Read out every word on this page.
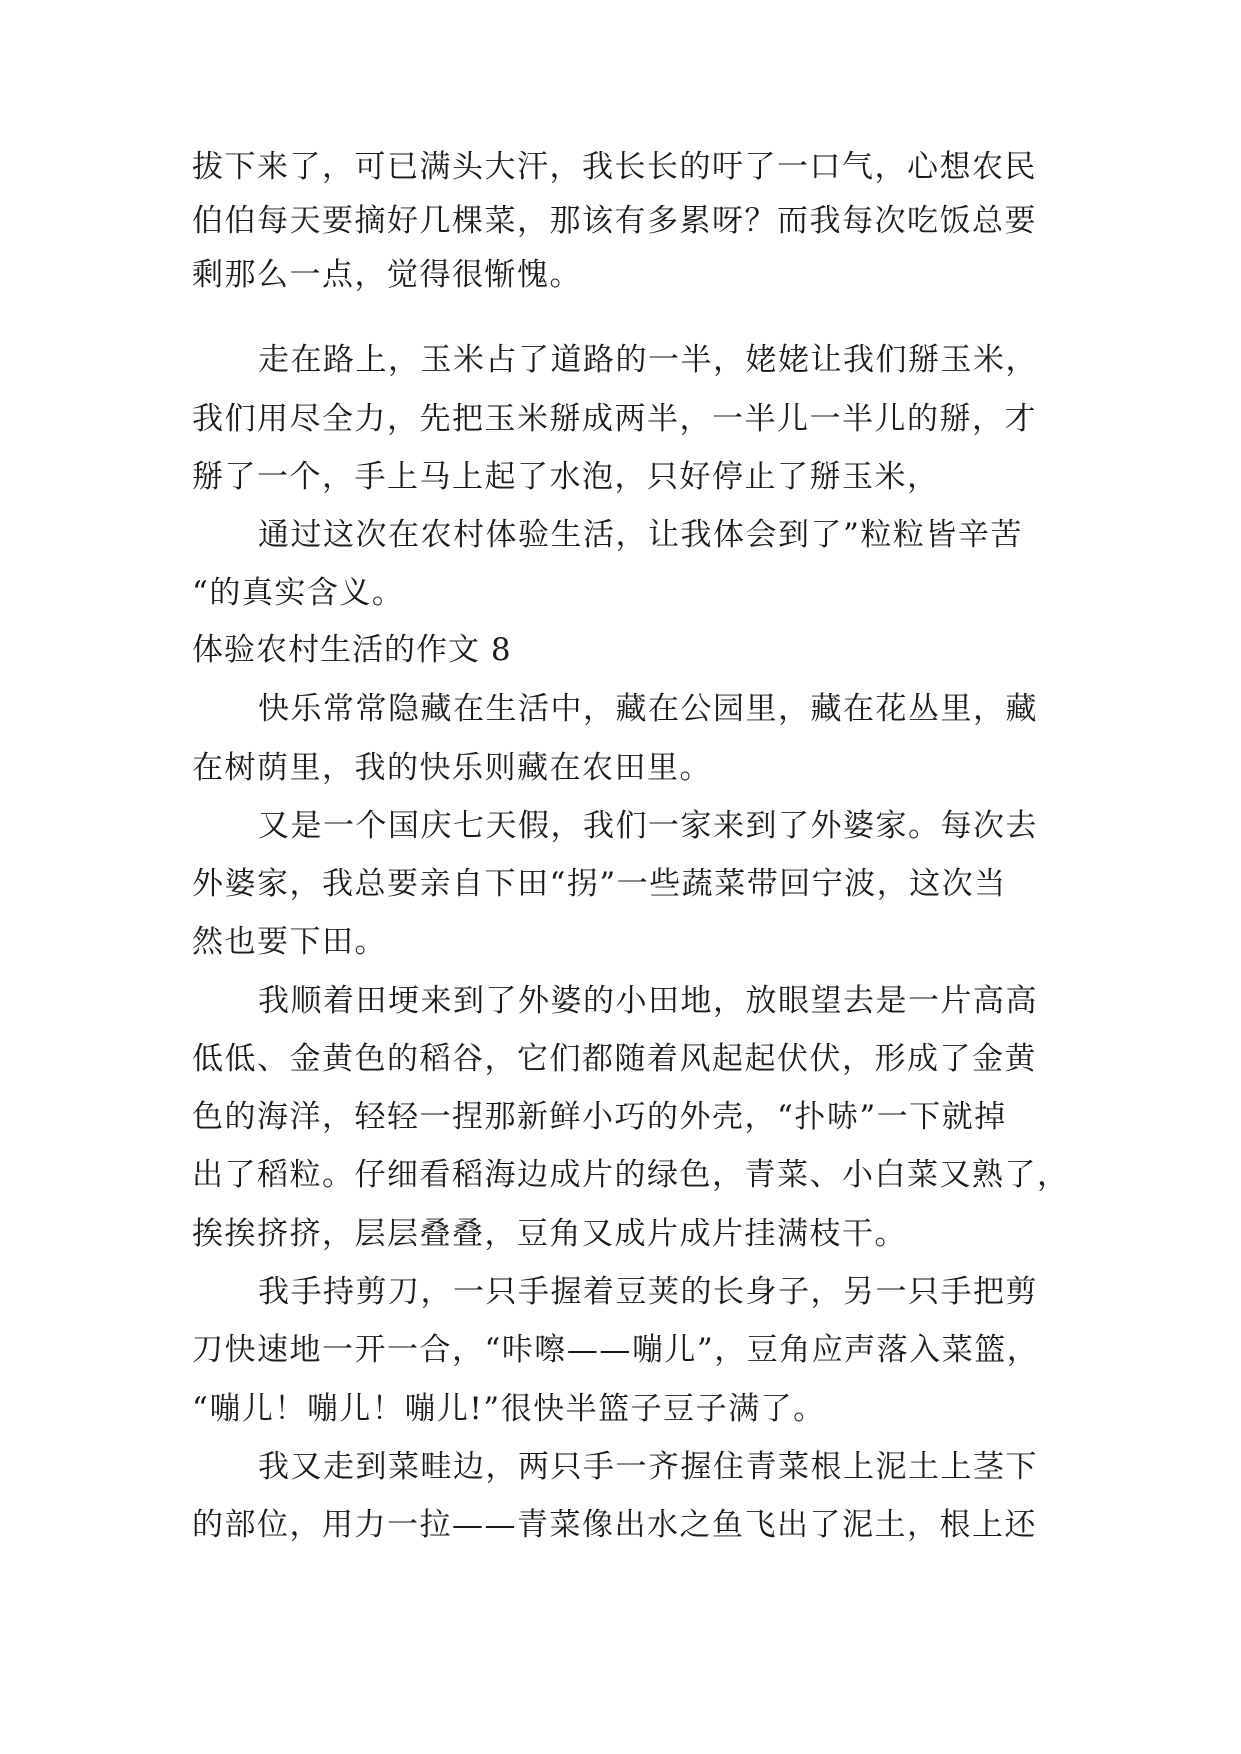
拔下来了，可已满头大汗，我长长的吁了一口气，心想农民
伯伯每天要摘好几棵菜，那该有多累呀？而我每次吃饭总要
剩那么一点，觉得很惭愧。
走在路上，玉米占了道路的一半，姥姥让我们掰玉米，
我们用尽全力，先把玉米掰成两半，一半儿一半儿的掰，才
掰了一个，手上马上起了水泡，只好停止了掰玉米，
通过这次在农村体验生活，让我体会到了”粒粒皆辛苦
“的真实含义。
体验农村生活的作文 8
快乐常常隐藏在生活中，藏在公园里，藏在花丛里，藏
在树荫里，我的快乐则藏在农田里。
又是一个国庆七天假，我们一家来到了外婆家。每次去
外婆家，我总要亲自下田“拐”一些蔬菜带回宁波，这次当
然也要下田。
我顺着田埂来到了外婆的小田地，放眼望去是一片高高
低低、金黄色的稻谷，它们都随着风起起伏伏，形成了金黄
色的海洋，轻轻一捏那新鲜小巧的外壳，“扑哧”一下就掉
出了稻粒。仔细看稻海边成片的绿色，青菜、小白菜又熟了，
挨挨挤挤，层层叠叠，豆角又成片成片挂满枝干。
我手持剪刀，一只手握着豆荚的长身子，另一只手把剪
刀快速地一开一合，“咔嚓——嘣儿”，豆角应声落入菜篮，
“嘣儿！嘣儿！嘣儿!”很快半篮子豆子满了。
我又走到菜畦边，两只手一齐握住青菜根上泥土上茎下
的部位，用力一拉——青菜像出水之鱼飞出了泥土，根上还
